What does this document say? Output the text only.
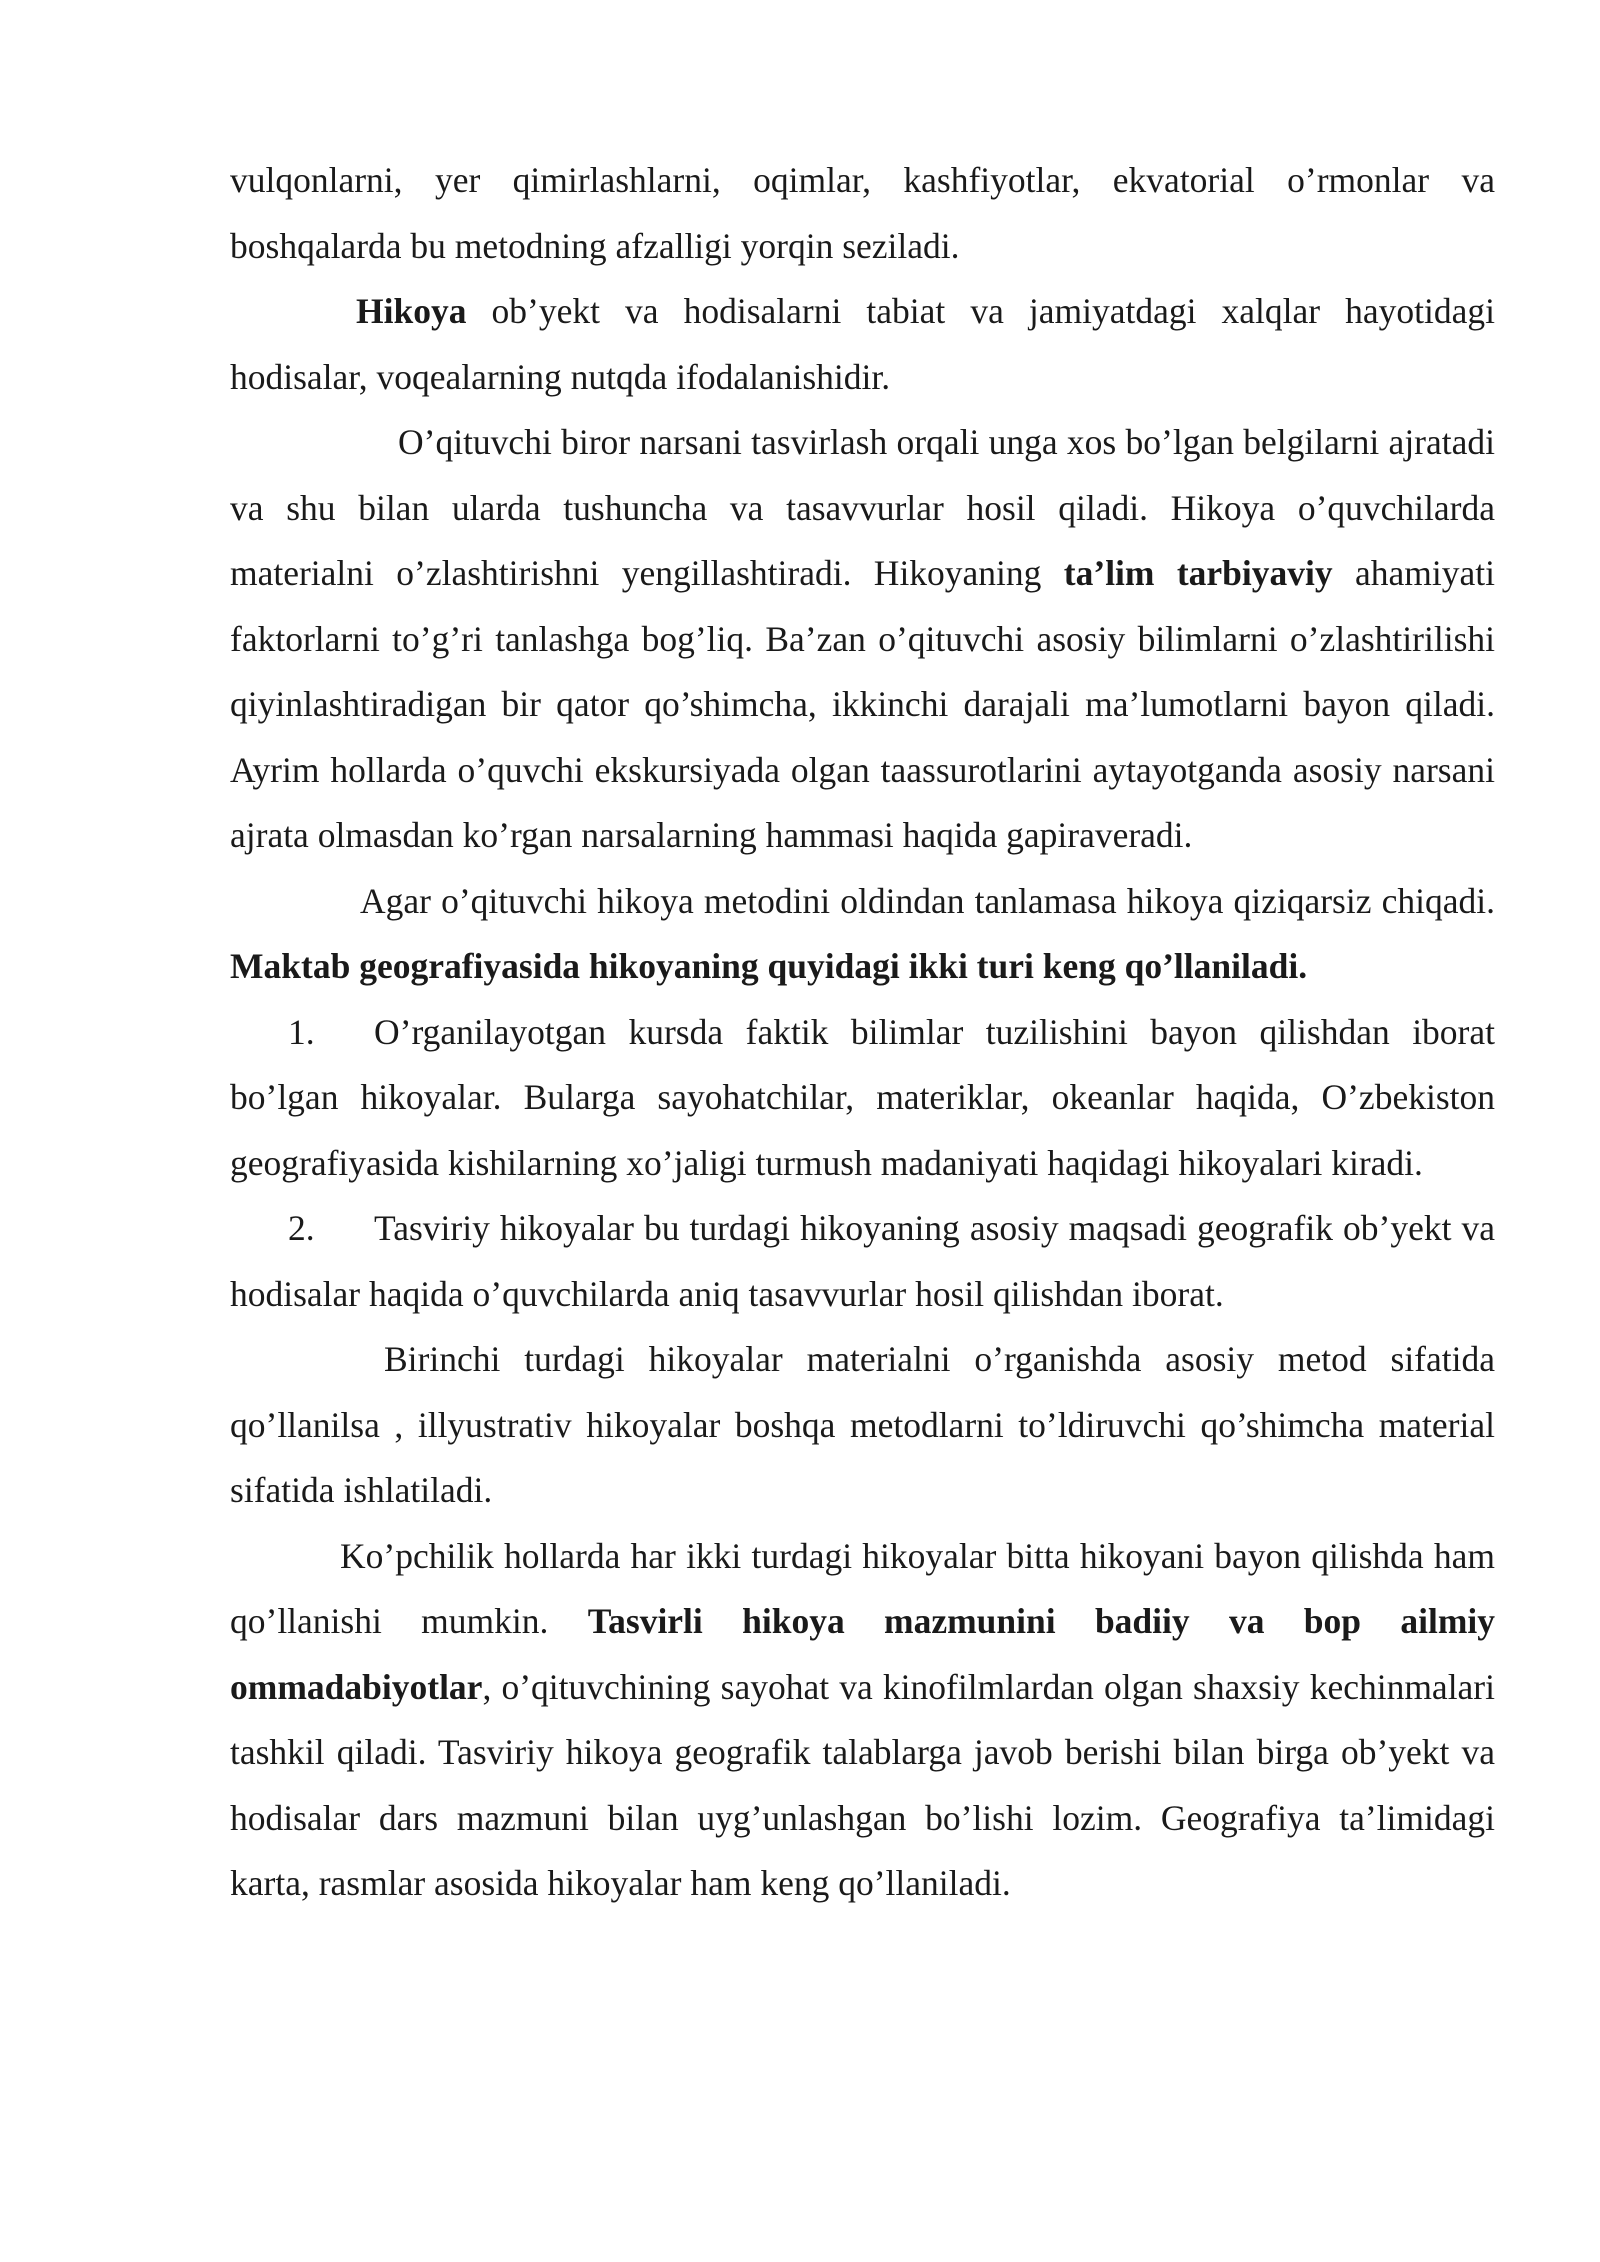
vulqonlarni, yer qimirlashlarni, oqimlar, kashfiyotlar, ekvatorial o’rmonlar va boshqalarda bu metodning afzalligi yorqin seziladi.

Hikoya ob’yekt va hodisalarni tabiat va jamiyatdagi xalqlar hayotidagi hodisalar, voqealarning nutqda ifodalanishidir.

O’qituvchi biror narsani tasvirlash orqali unga xos bo’lgan belgilarni ajratadi va shu bilan ularda tushuncha va tasavvurlar hosil qiladi. Hikoya o’quvchilarda materialni o’zlashtirishni yengillashtiradi. Hikoyaning ta’lim tarbiyaviy ahamiyati faktorlarni to’g’ri tanlashga bog’liq. Ba’zan o’qituvchi asosiy bilimlarni o’zlashtirilishi qiyinlashtiradigan bir qator qo’shimcha, ikkinchi darajali ma’lumotlarni bayon qiladi. Ayrim hollarda o’quvchi ekskursiyada olgan taassurotlarini aytayotganda asosiy narsani ajrata olmasdan ko’rgan narsalarning hammasi haqida gapiraveradi.

Agar o’qituvchi hikoya metodini oldindan tanlamasa hikoya qiziqarsiz chiqadi. Maktab geografiyasida hikoyaning quyidagi ikki turi keng qo’llaniladi.

1. O’rganilayotgan kursda faktik bilimlar tuzilishini bayon qilishdan iborat bo’lgan hikoyalar. Bularga sayohatchilar, materiklar, okeanlar haqida, O’zbekiston geografiyasida kishilarning xo’jaligi turmush madaniyati haqidagi hikoyalari kiradi.

2. Tasviriy hikoyalar bu turdagi hikoyaning asosiy maqsadi geografik ob’yekt va hodisalar haqida o’quvchilarda aniq tasavvurlar hosil qilishdan iborat.

Birinchi turdagi hikoyalar materialni o’rganishda asosiy metod sifatida qo’llanilsa , illyustrativ hikoyalar boshqa metodlarni to’ldiruvchi qo’shimcha material sifatida ishlatiladi.

Ko’pchilik hollarda har ikki turdagi hikoyalar bitta hikoyani bayon qilishda ham qo’llanishi mumkin. Tasvirli hikoya mazmunini badiiy va bop ailmiy ommadabiyotlar, o’qituvchining sayohat va kinofilmlardan olgan shaxsiy kechinmalari tashkil qiladi. Tasviriy hikoya geografik talablarga javob berishi bilan birga ob’yekt va hodisalar dars mazmuni bilan uyg’unlashgan bo’lishi lozim. Geografiya ta’limidagi karta, rasmlar asosida hikoyalar ham keng qo’llaniladi.
